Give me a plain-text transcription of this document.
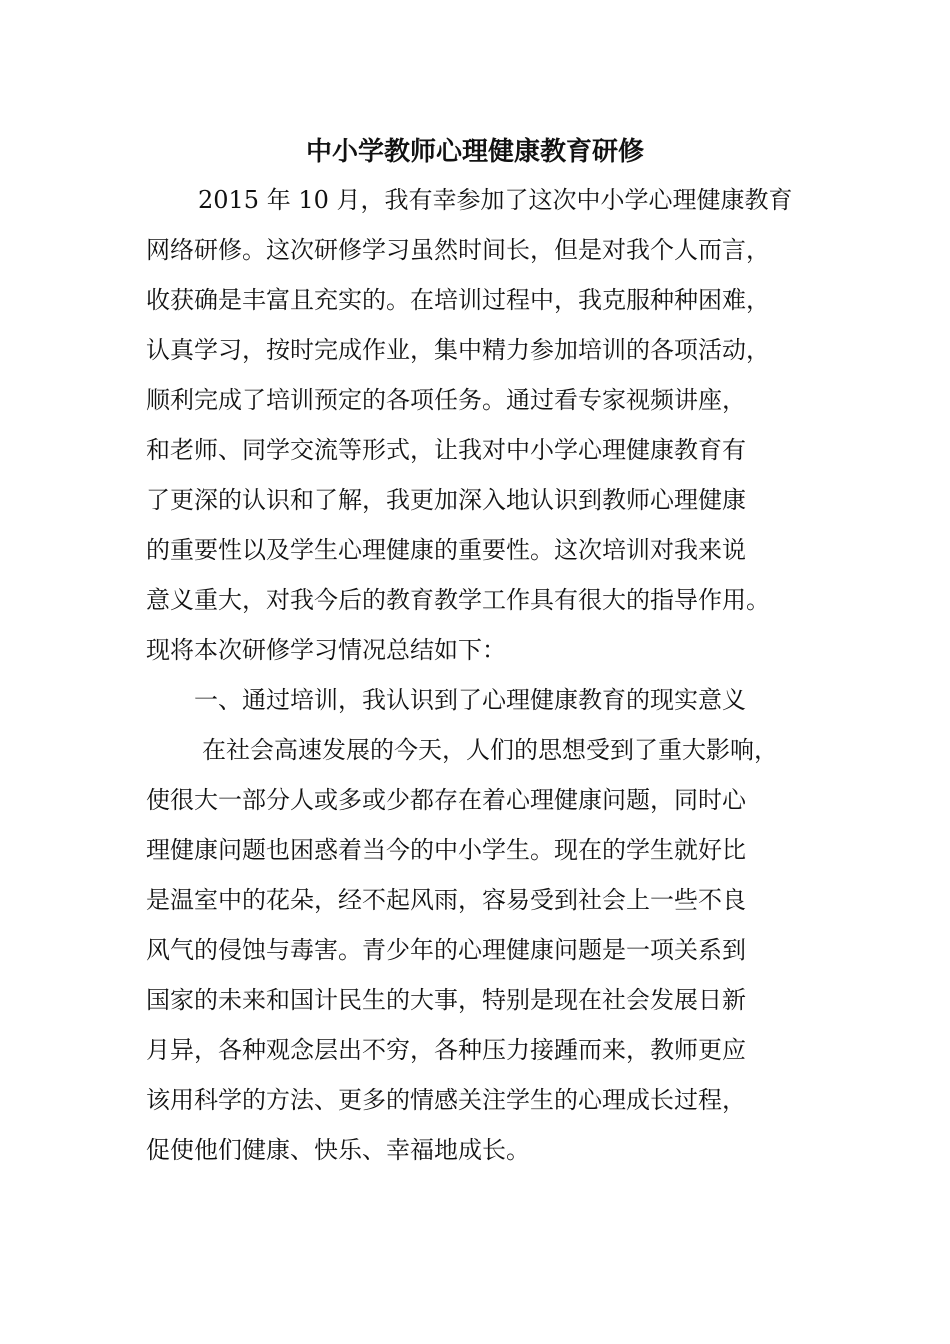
中小学教师心理健康教育研修

2015 年 10 月，我有幸参加了这次中小学心理健康教育

网络研修。这次研修学习虽然时间长，但是对我个人而言，

收获确是丰富且充实的。在培训过程中，我克服种种困难，

认真学习，按时完成作业，集中精力参加培训的各项活动，

顺利完成了培训预定的各项任务。通过看专家视频讲座，

和老师、同学交流等形式，让我对中小学心理健康教育有

了更深的认识和了解，我更加深入地认识到教师心理健康

的重要性以及学生心理健康的重要性。这次培训对我来说

意义重大，对我今后的教育教学工作具有很大的指导作用。

现将本次研修学习情况总结如下：

一、通过培训，我认识到了心理健康教育的现实意义

在社会高速发展的今天，人们的思想受到了重大影响，

使很大一部分人或多或少都存在着心理健康问题，同时心

理健康问题也困惑着当今的中小学生。现在的学生就好比

是温室中的花朵，经不起风雨，容易受到社会上一些不良

风气的侵蚀与毒害。青少年的心理健康问题是一项关系到

国家的未来和国计民生的大事，特别是现在社会发展日新

月异，各种观念层出不穷，各种压力接踵而来，教师更应

该用科学的方法、更多的情感关注学生的心理成长过程，

促使他们健康、快乐、幸福地成长。
